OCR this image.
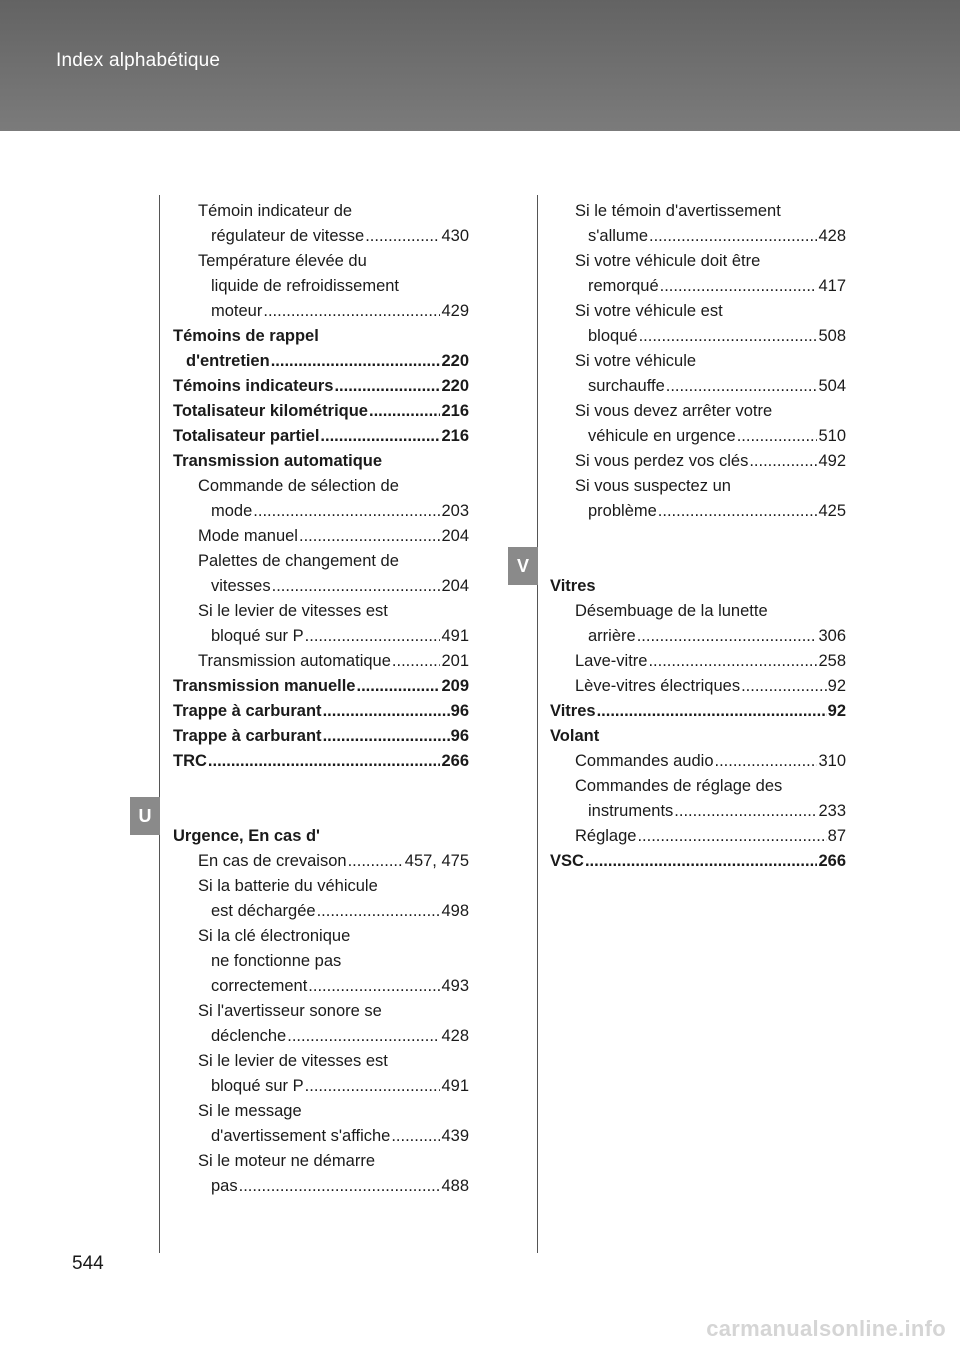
Index alphabétique
U
V
Témoin indicateur de
régulateur de vitesse .....	430
Température élevée du
liquide de refroidissement
moteur .....	429
Témoins de rappel
d'entretien .....	220
Témoins indicateurs .....	220
Totalisateur kilométrique .....	216
Totalisateur partiel .....	216
Transmission automatique
Commande de sélection de
mode .....	203
Mode manuel .....	204
Palettes de changement de
vitesses .....	204
Si le levier de vitesses est
bloqué sur P .....	491
Transmission automatique .....	201
Transmission manuelle .....	209
Trappe à carburant .....	96
Trappe à carburant .....	96
TRC .....	266
Urgence, En cas d'
En cas de crevaison .....	457, 475
Si la batterie du véhicule
est déchargée .....	498
Si la clé électronique
ne fonctionne pas
correctement .....	493
Si l'avertisseur sonore se
déclenche .....	428
Si le levier de vitesses est
bloqué sur P .....	491
Si le message
d'avertissement s'affiche .....	439
Si le moteur ne démarre
pas .....	488
Si le témoin d'avertissement
s'allume .....	428
Si votre véhicule doit être
remorqué .....	417
Si votre véhicule est
bloqué .....	508
Si votre véhicule
surchauffe .....	504
Si vous devez arrêter votre
véhicule en urgence .....	510
Si vous perdez vos clés .....	492
Si vous suspectez un
problème .....	425
Vitres
Désembuage de la lunette
arrière .....	306
Lave-vitre .....	258
Lève-vitres électriques .....	92
Vitres .....	92
Volant
Commandes audio .....	310
Commandes de réglage des
instruments .....	233
Réglage .....	87
VSC .....	266
544
carmanualsonline.info
